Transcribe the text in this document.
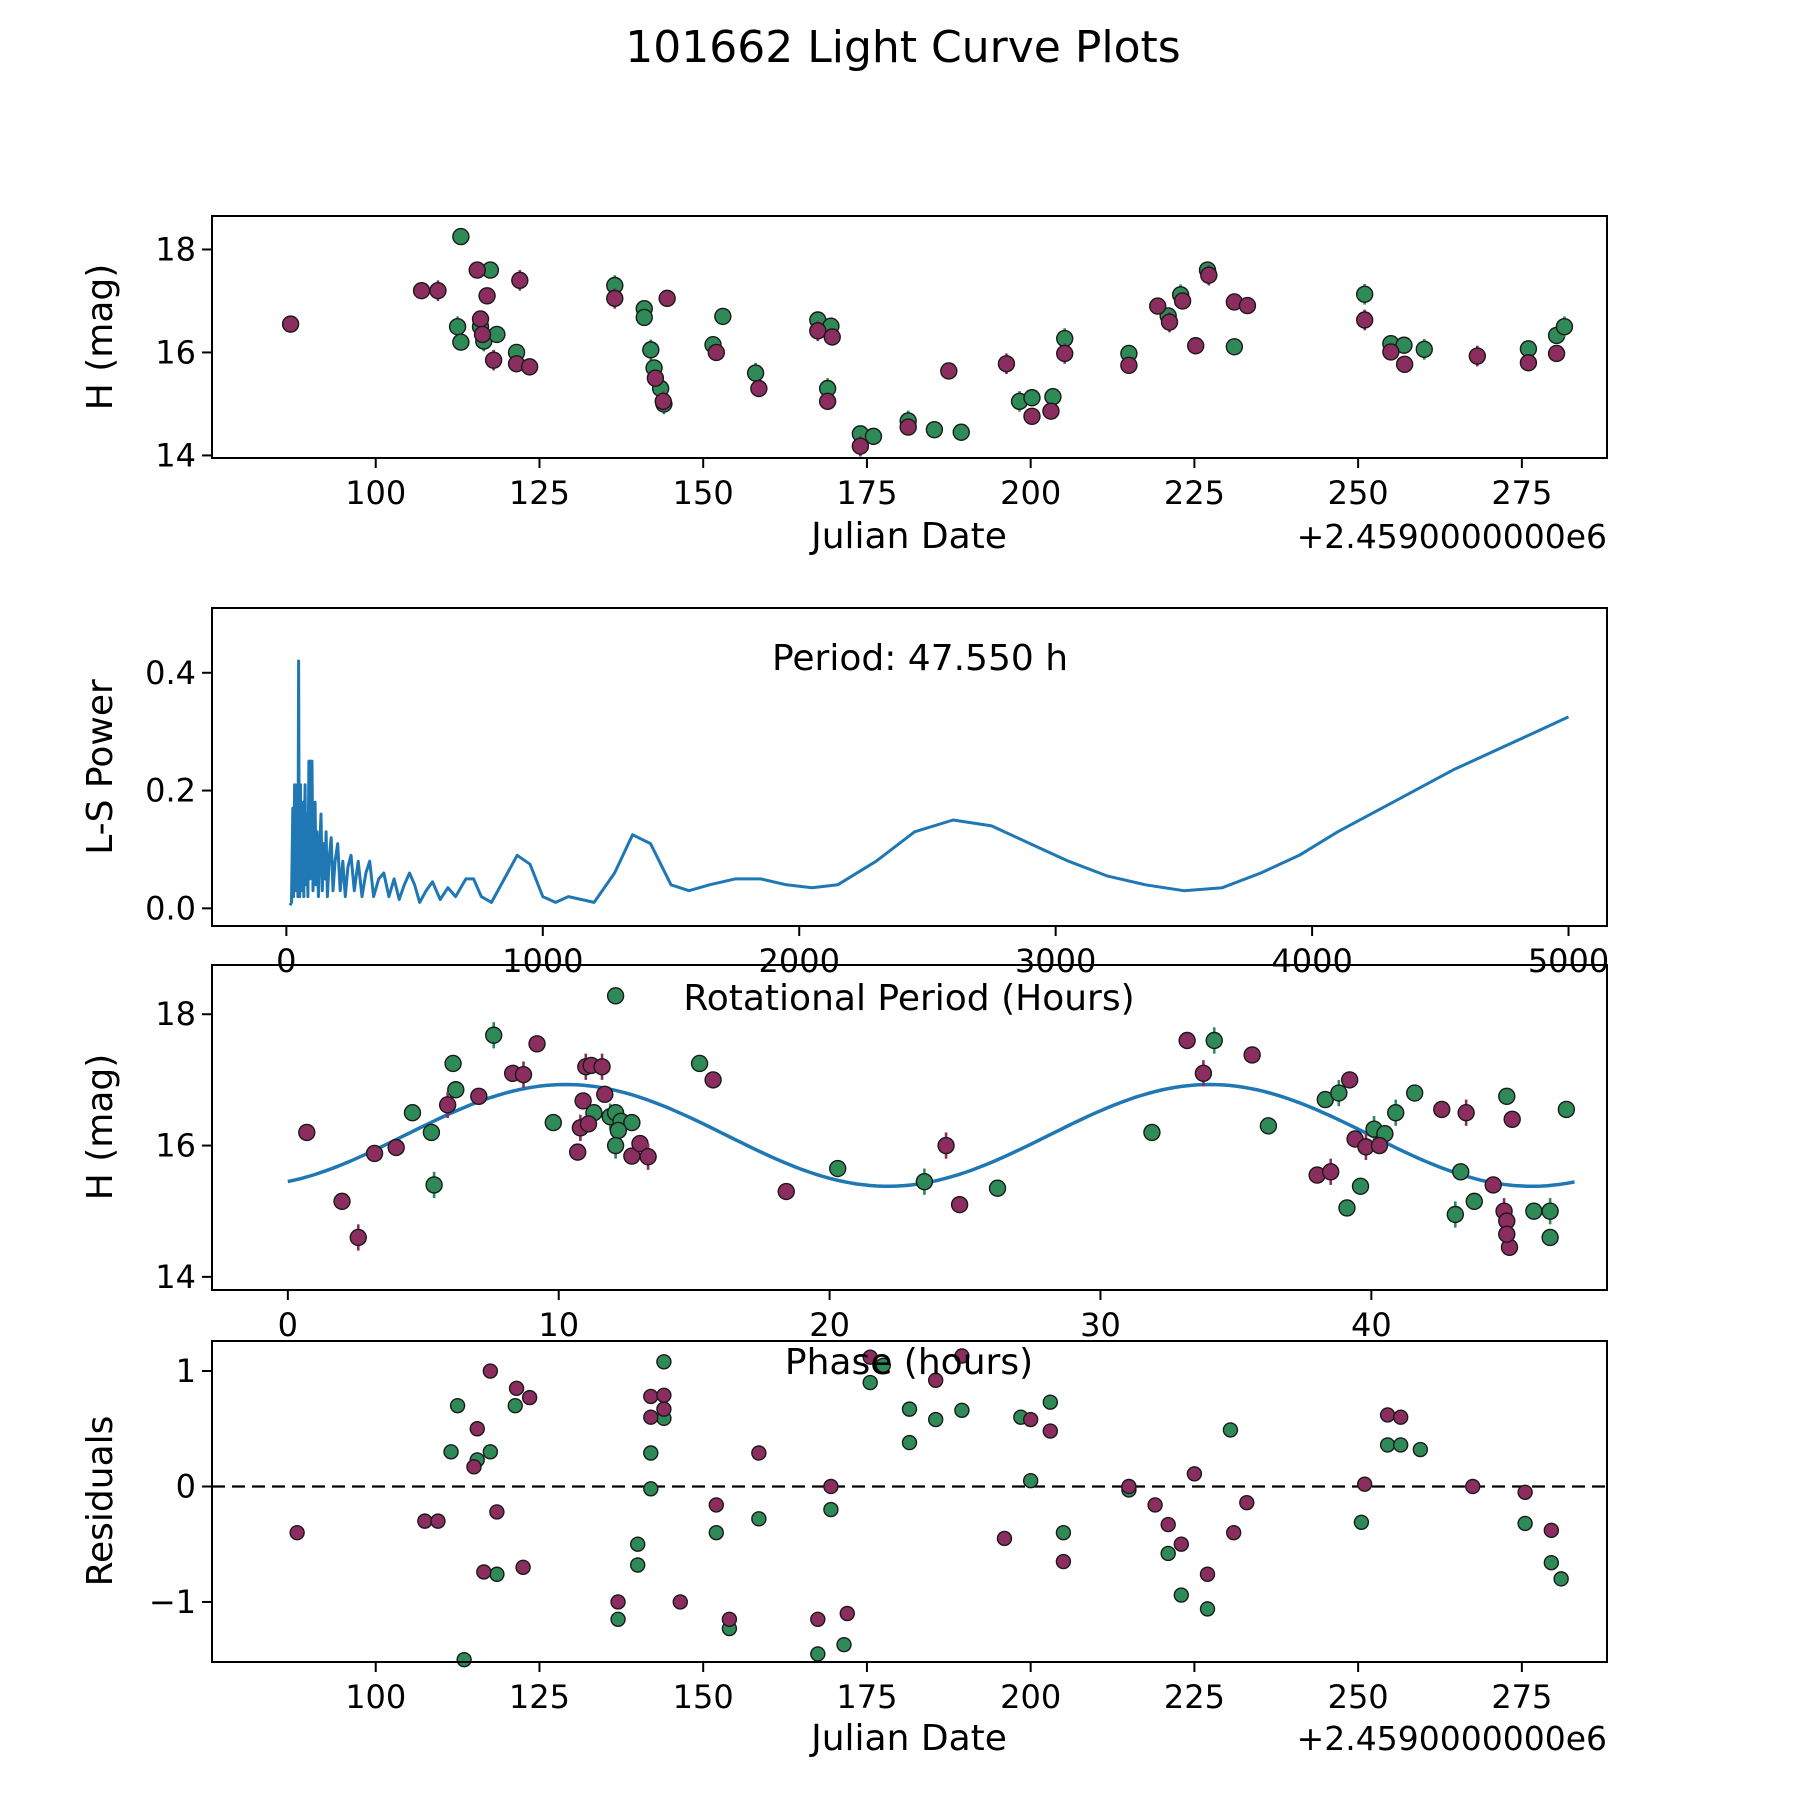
101662 Light Curve Plots
100	125	150	175	200	225	250	275
14
16
18
0	1000	2000	3000	4000	5000
0.0
0.2
0.4
0	10	20	30	40
14
16
18
100	125	150	175	200	225	250	275
−1
0
1
H (mag)
Julian Date	+2.4590000000e6
L-S Power
Period: 47.550 h
Rotational Period (Hours)
H (mag)
Phase (hours)
Residuals
Julian Date	+2.4590000000e6
